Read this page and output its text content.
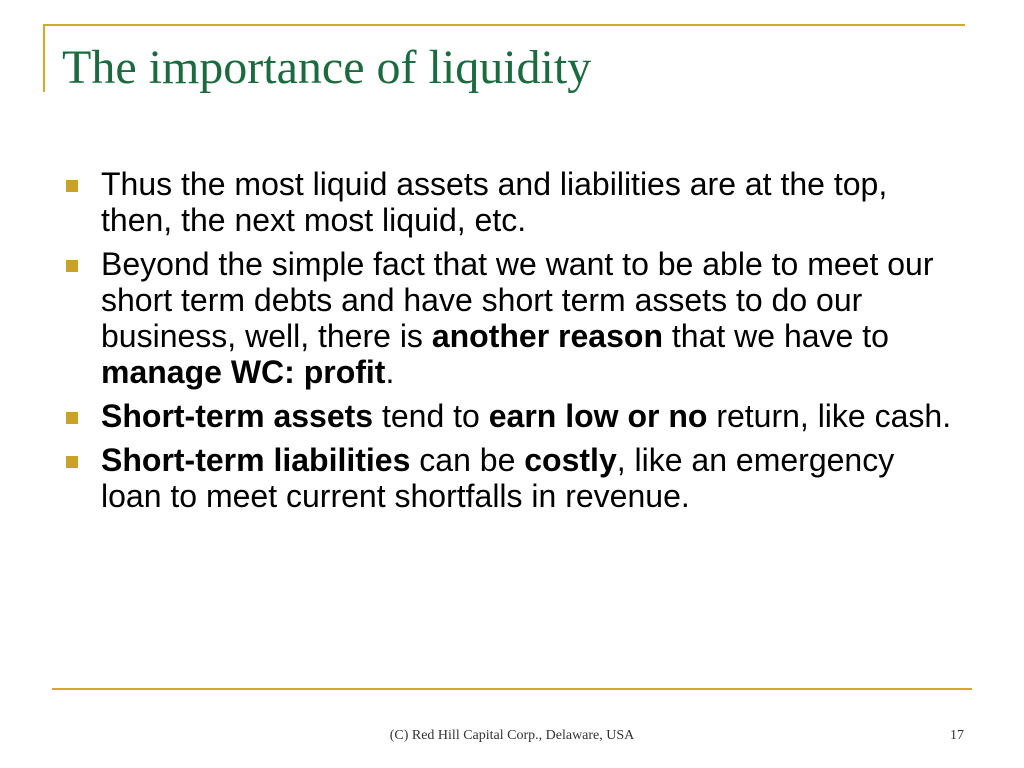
The importance of liquidity
Thus the most liquid assets and liabilities are at the top, then, the next most liquid, etc.
Beyond the simple fact that we want to be able to meet our short term debts and have short term assets to do our business, well, there is another reason that we have to manage WC: profit.
Short-term assets tend to earn low or no return, like cash.
Short-term liabilities can be costly, like an emergency loan to meet current shortfalls in revenue.
(C) Red Hill Capital Corp., Delaware, USA	17
